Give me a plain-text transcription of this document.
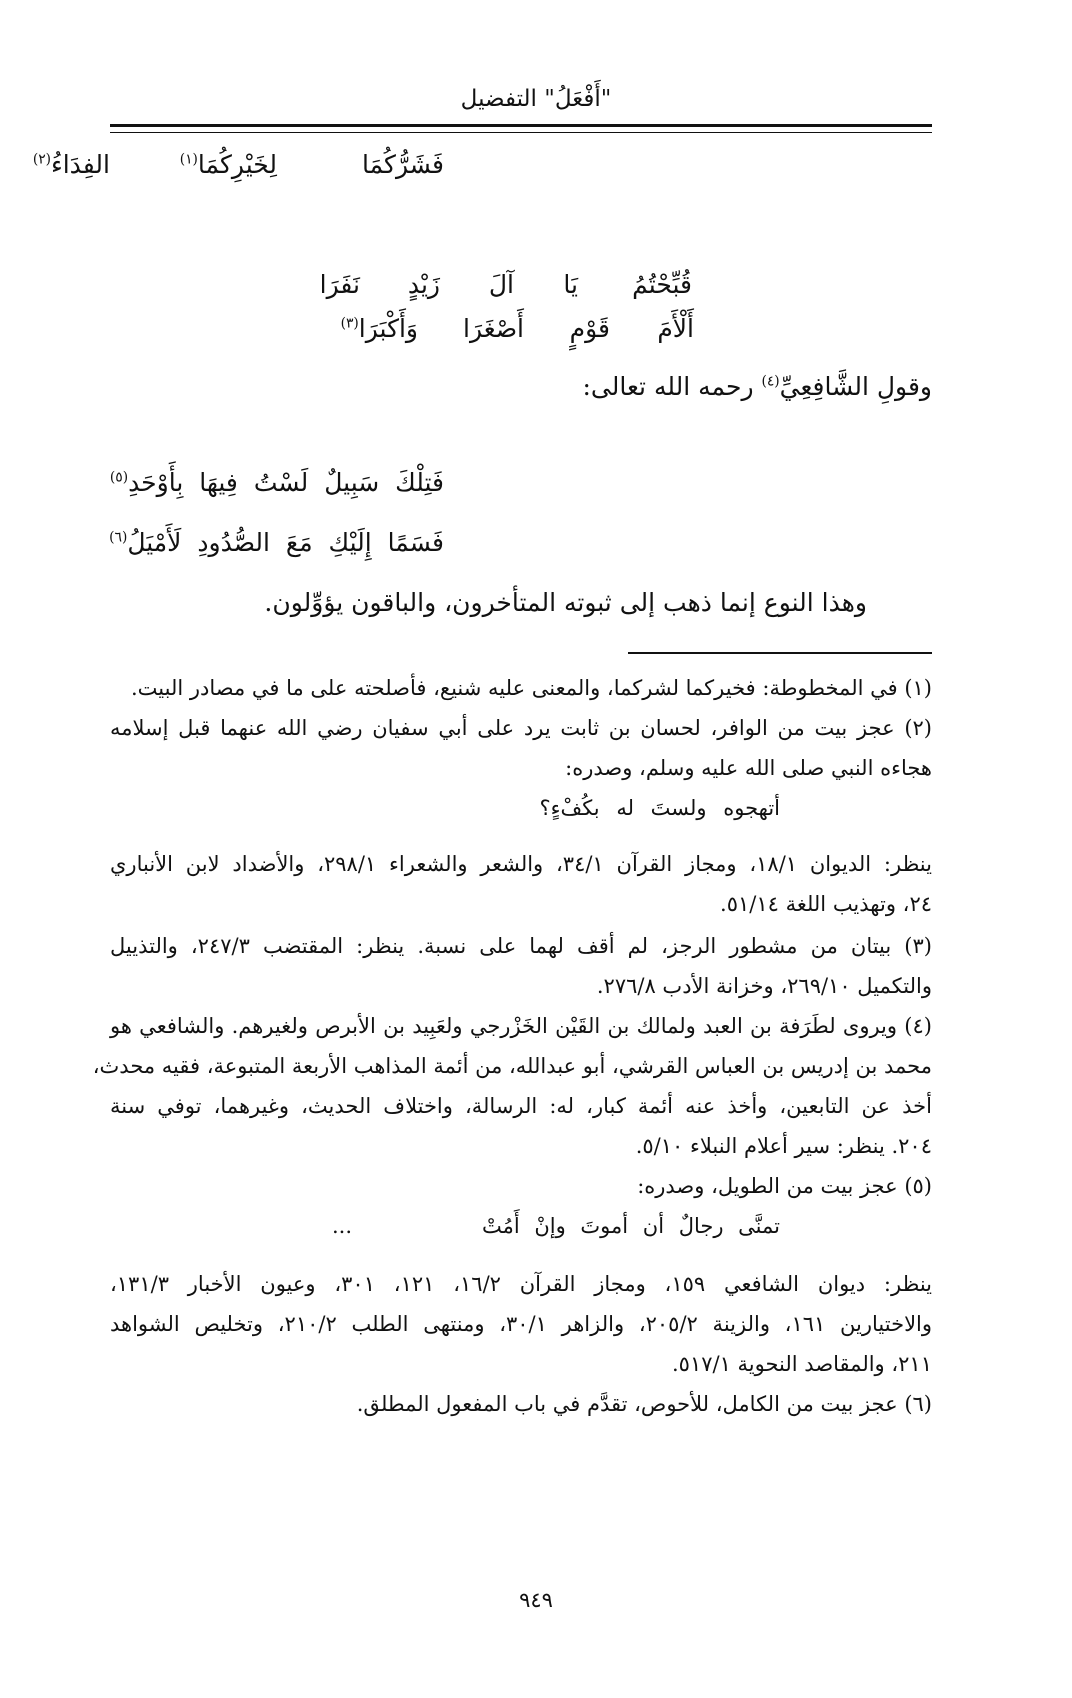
"أَفْعَلُ" التفضيل
فَشَرُّكُمَا
لِخَيْرِكُمَا$^{(١)}$
الفِدَاءُ$^{(٢)}$
قُبِّحْتُمُ
يَا
آلَ
زَيْدٍ
نَفَرَا
أَلْأَمَ
قَوْمٍ
أَصْغَرَا
وَأَكْبَرَا$^{(٣)}$
وقولِ الشَّافِعِيِّ$^{(٤)}$ رحمه الله تعالى:
فَتِلْكَ سَبِيلٌ لَسْتُ فِيهَا بِأَوْحَدِ$^{(٥)}$
فَسَمًا إِلَيْكِ مَعَ الصُّدُودِ لَأَمْيَلُ$^{(٦)}$
وهذا النوع إنما ذهب إلى ثبوته المتأخرون، والباقون يؤوِّلون.
(١) في المخطوطة: فخيركما لشركما، والمعنى عليه شنيع، فأصلحته على ما في مصادر البيت.
(٢) عجز بيت من الوافر، لحسان بن ثابت يرد على أبي سفيان رضي الله عنهما قبل إسلامه
هجاءه النبي صلى الله عليه وسلم، وصدره:
أتهجوه ولستَ له بكُفْءٍ؟
ينظر: الديوان ١٨/١، ومجاز القرآن ٣٤/١، والشعر والشعراء ٢٩٨/١، والأضداد لابن الأنباري
٢٤، وتهذيب اللغة ٥١/١٤.
(٣) بيتان من مشطور الرجز، لم أقف لهما على نسبة. ينظر: المقتضب ٢٤٧/٣، والتذييل
والتكميل ٢٦٩/١٠، وخزانة الأدب ٢٧٦/٨.
(٤) ويروى لطَرَفة بن العبد ولمالك بن القَيْن الخَزْرجي ولعَبِيد بن الأبرص ولغيرهم. والشافعي هو
محمد بن إدريس بن العباس القرشي، أبو عبدالله، من أئمة المذاهب الأربعة المتبوعة، فقيه محدث،
أخذ عن التابعين، وأخذ عنه أئمة كبار، له: الرسالة، واختلاف الحديث، وغيرهما، توفي سنة
٢٠٤. ينظر: سير أعلام النبلاء ٥/١٠.
(٥) عجز بيت من الطويل، وصدره:
تمنَّى رجالٌ أن أموتَ وإنْ أَمُتْ
...
ينظر: ديوان الشافعي ١٥٩، ومجاز القرآن ١٦/٢، ١٢١، ٣٠١، وعيون الأخبار ١٣١/٣،
والاختيارين ١٦١، والزينة ٢٠٥/٢، والزاهر ٣٠/١، ومنتهى الطلب ٢١٠/٢، وتخليص الشواهد
٢١١، والمقاصد النحوية ٥١٧/١.
(٦) عجز بيت من الكامل، للأحوص، تقدَّم في باب المفعول المطلق.
٩٤٩
